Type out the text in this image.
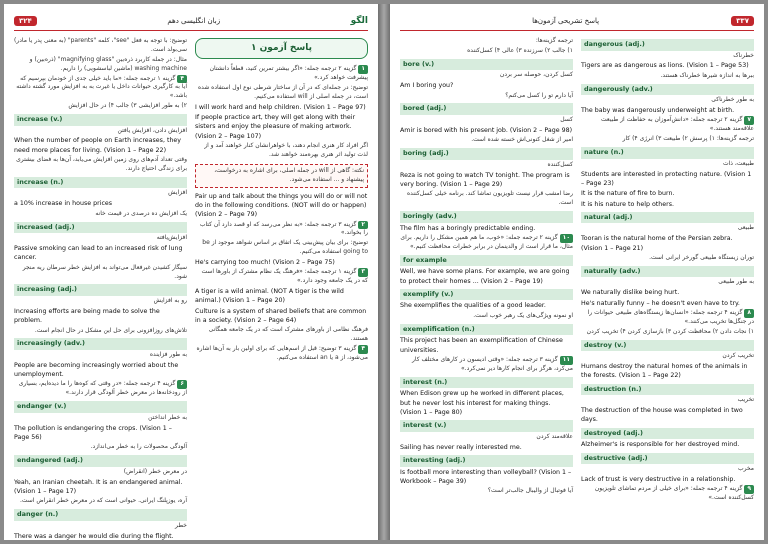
۳۲۴	زبان انگلیسی دهم	الگو
توضیح: با توجه به فعل "see"، کلمه "parents" (به معنی پدر یا مادر) سی‌بولد است.
مثال: در جمله کاربرد ذره‌بین "magnifying glass" (ذره‌بین) و washing machine (ماشین لباسشویی) را داریم.
۴گزینه ۱ ترجمه جمله: «ما باید خیلی جدی از خودمان بپرسیم که آیا به کارگیری حیوانات داخل یا غیرت به به افزایش مورد گشته داشته باشد.»
۲) به طور افزایشی ۳) جالب ۴) در حال افزایش
increase (v.)
افزایش دادن، افزایش یافتن
When the number of people on Earth increases, they need more places for living. (Vision 1 – Page 22)
وقتی تعداد آدم‌های روی زمین افزایش می‌یابد، آن‌ها به فضای بیشتری برای زندگی احتیاج دارند.
increase (n.)
افزایش
a 10% increase in house prices
یک افزایش ده درصدی در قیمت خانه
increased (adj.)
افزایش‌یافته
Passive smoking can lead to an increased risk of lung cancer.
سیگار کشیدن غیرفعال می‌تواند به افزایش خطر سرطان ریه منجر شود.
increasing (adj.)
رو به افزایش
Increasing efforts are being made to solve the problem.
تلاش‌های روز‌افزونی برای حل این مشکل در حال انجام است.
increasingly (adv.)
به طور فزاینده
People are becoming increasingly worried about the unemployment.
۶گزینه ۴ ترجمه جمله: «در وقتی که کوه‌ها را ما دیده‌ایم، بسیاری از رودخانه‌ها در معرض خطر آلودگی قرار دارند.»
endanger (v.)
به خطر انداختن
The pollution is endangering the crops. (Vision 1 – Page 56)
آلودگی محصولات را به خطر می‌اندازد.
endangered (adj.)
در معرض خطر (انقراض)
Yeah, an Iranian cheetah. It is an endangered animal. (Vision 1 – Page 17)
آره، یوزپلنگ ایرانی. حیوانی است که در معرض خطر انقراض است.
danger (n.)
خطر
There was a danger he would die during the flight.
پاسخ آزمون ۱
۱گزینه ۲ ترجمه جمله: «اگر بیشتر تمرین کنید، قطعاً دانشتان پیشرفت خواهد کرد.»
توضیح: در جمله‌ای که در آن از ساختار شرطی نوع اول استفاده شده است، در جمله اصلی از will استفاده می‌کنیم.
I will work hard and help children. (Vision 1 – Page 97)
If people practice art, they will get along with their sisters and enjoy the pleasure of making artwork. (Vision 2 – Page 107)
اگر افراد کار هنری انجام دهند، با خواهرانشان کنار خواهند آمد و از لذت تولید اثر هنری بهره‌مند خواهند شد.
نکته: گاهی از will در جمله اصلی، برای اشاره به درخواست، پیشنهاد و ... استفاده می‌شود.
Pair up and talk about the things you will do or will not do in the following conditions. (NOT will do or happen) (Vision 2 – Page 79)
۲گزینه ۳ ترجمه جمله: «به نظر می‌رسد که او قصد دارد آن کتاب را بخواند.»
توضیح: برای بیان پیش‌بینی یک اتفاق بر اساس شواهد موجود از be going to استفاده می‌کنیم.
He's carrying too much! (Vision 2 – Page 75)
۳گزینه ۱ ترجمه جمله: «فرهنگ یک نظام مشترک از باورها است که در یک جامعه وجود دارد.»
A tiger is a wild animal. (NOT A tiger is the wild animal.) (Vision 1 – Page 20)
Culture is a system of shared beliefs that are common in a society. (Vision 2 – Page 64)
فرهنگ نظامی از باورهای مشترک است که در یک جامعه همگانی هستند.
۴گزینه ۳ توضیح: قبل از اسم‌هایی که برای اولین بار به آن‌ها اشاره می‌شود، از a یا an استفاده می‌کنیم.
پاسخ تشریحی آزمون‌ها	۳۳۷
ترجمه گزینه‌ها:
۱) جالب ۲) سرزنده ۳) عالی ۴) کسل‌کننده
bore (v.)
کسل کردن، حوصله سر بردن
Am I boring you?
آیا دارم تو را کسل می‌کنم؟
bored (adj.)
کسل
Amir is bored with his present job. (Vision 2 – Page 98)
امیر از شغل کنونی‌اش خسته شده است.
boring (adj.)
کسل‌کننده
Reza is not going to watch TV tonight. The program is very boring. (Vision 1 – Page 29)
رضا امشب قرار نیست تلویزیون تماشا کند. برنامه خیلی کسل‌کننده است.
boringly (adv.)
The film has a boringly predictable ending.
۱۰گزینه ۲ ترجمه جمله: «خوب، ما هم همین مشکل را داریم. برای مثال، ما قرار است از والدینمان در برابر خطرات محافظت کنیم.»
for example
Well, we have some plans. For example, we are going to protect their homes ... (Vision 2 – Page 19)
exemplify (v.)
She exemplifies the qualities of a good leader.
او نمونه ویژگی‌های یک رهبر خوب است.
exemplification (n.)
This project has been an exemplification of Chinese universities.
۱۱گزینه ۳ ترجمه جمله: «وقتی ادیسون در کارهای مختلف کار می‌کرد، هرگز برای انجام کارها دیر نمی‌کرد.»
interest (n.)
When Edison grew up he worked in different places, but he never lost his interest for making things. (Vision 1 – Page 80)
interest (v.)
علاقه‌مند کردن
Sailing has never really interested me.
interesting (adj.)
Is football more interesting than volleyball? (Vision 1 – Workbook – Page 39)
آیا فوتبال از والیبال جالب‌تر است؟
dangerous (adj.)
خطرناک
Tigers are as dangerous as lions. (Vision 1 – Page 53)
ببرها به اندازه شیرها خطرناک هستند.
dangerously (adv.)
به طور خطرناکی
The baby was dangerously underweight at birth.
۷گزینه ۲ ترجمه جمله: «دانش‌آموزان به حفاظت از طبیعت علاقه‌مند هستند.»
ترجمه گزینه‌ها: ۱) پرسش ۲) طبیعت ۳) انرژی ۴) کار
nature (n.)
طبیعت، ذات
Students are interested in protecting nature. (Vision 1 – Page 23)
It is the nature of fire to burn.
It is his nature to help others.
natural (adj.)
طبیعی
Tooran is the natural home of the Persian zebra. (Vision 1 – Page 21)
توران زیستگاه طبیعی گورخر ایرانی است.
naturally (adv.)
به طور طبیعی
We naturally dislike being hurt.
He's naturally funny – he doesn't even have to try.
۸گزینه ۴ ترجمه جمله: «انسان‌ها زیستگاه‌های طبیعی حیوانات را در جنگل‌ها تخریب می‌کنند.»
۱) نجات دادن ۲) محافظت کردن ۳) بازسازی کردن ۴) تخریب کردن
destroy (v.)
تخریب کردن
Humans destroy the natural homes of the animals in the forests. (Vision 1 – Page 22)
destruction (n.)
تخریب
The destruction of the house was completed in two days.
destroyed (adj.)
Alzheimer's is responsible for her destroyed mind.
destructive (adj.)
مخرب
Lack of trust is very destructive in a relationship.
۹گزینه ۴ ترجمه جمله: «برای خیلی از مردم تماشای تلویزیون کسل‌کننده است.»
